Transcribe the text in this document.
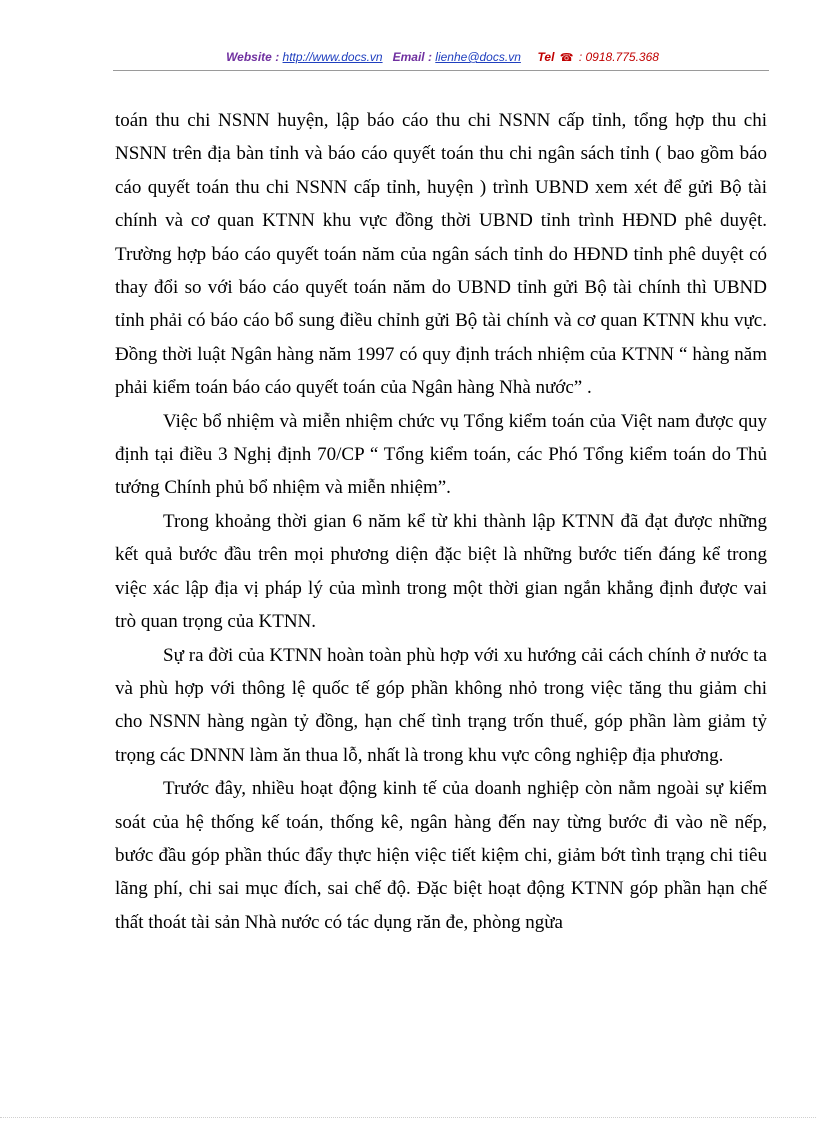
Website : http://www.docs.vn Email : lienhe@docs.vn Tel ☎ : 0918.775.368

toán thu chi NSNN huyện, lập báo cáo thu chi NSNN cấp tỉnh, tổng hợp thu chi NSNN trên địa bàn tỉnh và báo cáo quyết toán thu chi ngân sách tỉnh ( bao gồm báo cáo quyết toán thu chi NSNN cấp tỉnh, huyện ) trình UBND xem xét để gửi Bộ tài chính và cơ quan KTNN khu vực đồng thời UBND tỉnh trình HĐND phê duyệt. Trường hợp báo cáo quyết toán năm của ngân sách tỉnh do HĐND tỉnh phê duyệt có thay đổi so với báo cáo quyết toán năm do UBND tỉnh gửi Bộ tài chính thì UBND tỉnh phải có báo cáo bổ sung điều chỉnh gửi Bộ tài chính và cơ quan KTNN khu vực. Đồng thời luật Ngân hàng năm 1997 có quy định trách nhiệm của KTNN “ hàng năm phải kiểm toán báo cáo quyết toán của Ngân hàng Nhà nước” .

Việc bổ nhiệm và miễn nhiệm chức vụ Tổng kiểm toán của Việt nam được quy định tại điều 3 Nghị định 70/CP “ Tổng kiểm toán, các Phó Tổng kiểm toán do Thủ tướng Chính phủ bổ nhiệm và miễn nhiệm”.

Trong khoảng thời gian 6 năm kể từ khi thành lập KTNN đã đạt được những kết quả bước đầu trên mọi phương diện đặc biệt là những bước tiến đáng kể trong việc xác lập địa vị pháp lý của mình trong một thời gian ngắn khẳng định được vai trò quan trọng của KTNN.

Sự ra đời của KTNN hoàn toàn phù hợp với xu hướng cải cách chính ở nước ta và phù hợp với thông lệ quốc tế góp phần không nhỏ trong việc tăng thu giảm chi cho NSNN hàng ngàn tỷ đồng, hạn chế tình trạng trốn thuế, góp phần làm giảm tỷ trọng các DNNN làm ăn thua lỗ, nhất là trong khu vực công nghiệp địa phương.

Trước đây, nhiều hoạt động kinh tế của doanh nghiệp còn nằm ngoài sự kiểm soát của hệ thống kế toán, thống kê, ngân hàng đến nay từng bước đi vào nề nếp, bước đầu góp phần thúc đẩy thực hiện việc tiết kiệm chi, giảm bớt tình trạng chi tiêu lãng phí, chi sai mục đích, sai chế độ. Đặc biệt hoạt động KTNN góp phần hạn chế thất thoát tài sản Nhà nước có tác dụng răn đe, phòng ngừa
